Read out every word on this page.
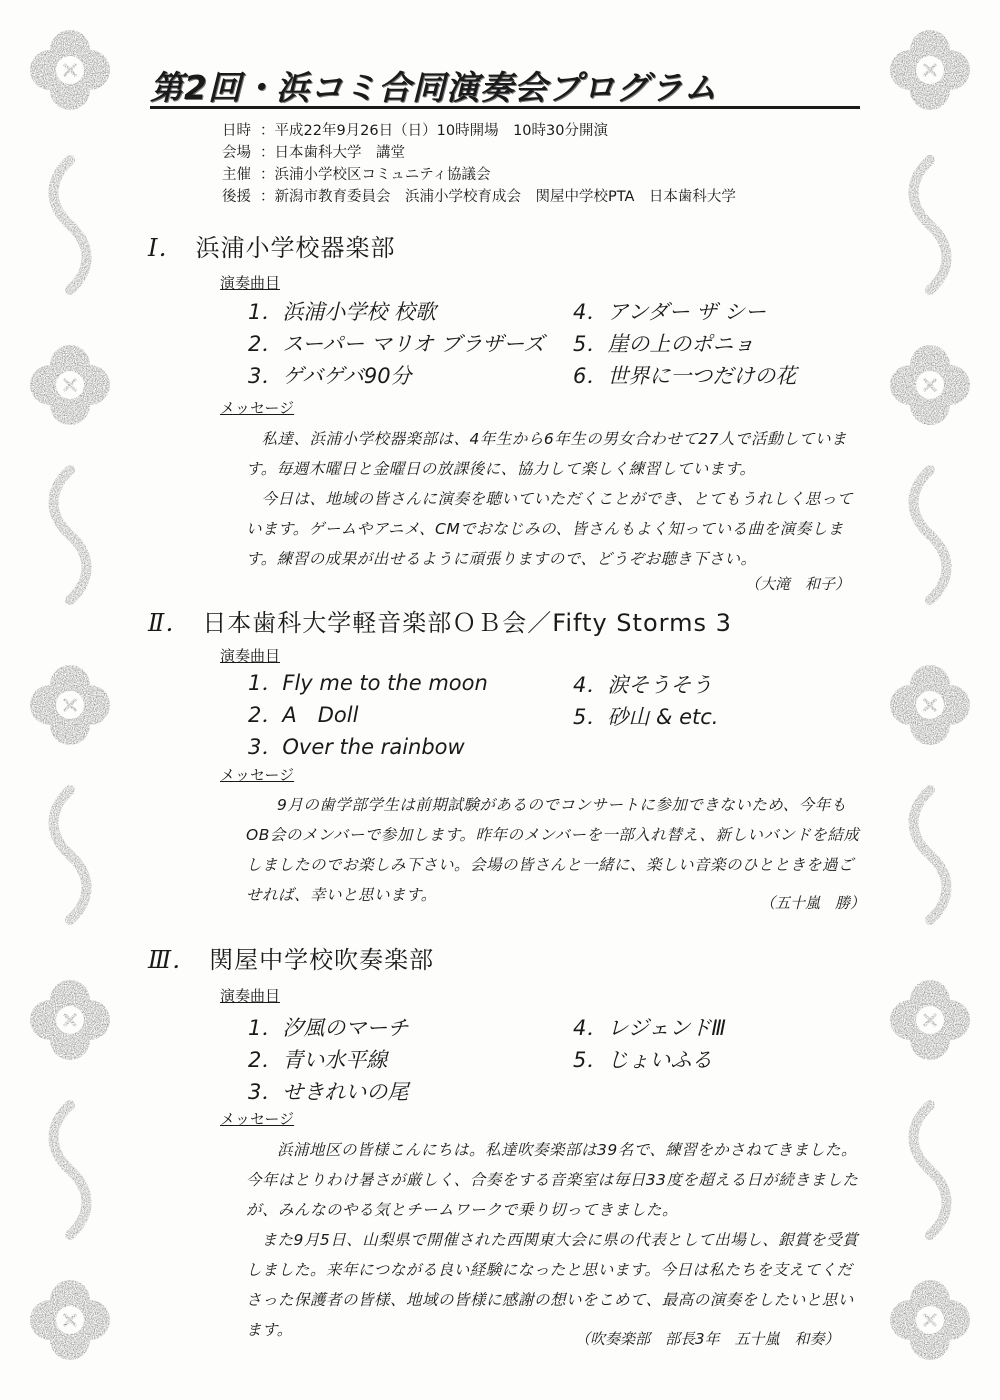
第2回・浜コミ合同演奏会プログラム
日時 ：平成22年9月26日（日）10時開場　10時30分開演
会場 ：日本歯科大学　講堂
主催 ：浜浦小学校区コミュニティ協議会
後援 ：新潟市教育委員会　浜浦小学校育成会　関屋中学校PTA　日本歯科大学
Ⅰ． 浜浦小学校器楽部
演奏曲目
1．浜浦小学校 校歌
2．スーパー マリオ ブラザーズ
3．ゲバゲバ90分
4．アンダー ザ シー
5．崖の上のポニョ
6．世界に一つだけの花
メッセージ

私達、浜浦小学校器楽部は、4年生から6年生の男女合わせて27人で活動しています。毎週木曜日と金曜日の放課後に、協力して楽しく練習しています。

今日は、地域の皆さんに演奏を聴いていただくことができ、とてもうれしく思っています。ゲームやアニメ、CMでおなじみの、皆さんもよく知っている曲を演奏します。練習の成果が出せるように頑張りますので、どうぞお聴き下さい。

（大滝　和子）
Ⅱ． 日本歯科大学軽音楽部ＯＢ会／Fifty Storms 3
演奏曲目
1．Fly me to the moon
2．A　Doll
3．Over the rainbow
4．涙そうそう
5．砂山 & etc.
メッセージ

9月の歯学部学生は前期試験があるのでコンサートに参加できないため、今年もOB会のメンバーで参加します。昨年のメンバーを一部入れ替え、新しいバンドを結成しましたのでお楽しみ下さい。会場の皆さんと一緒に、楽しい音楽のひとときを過ごせれば、幸いと思います。	（五十嵐　勝）
Ⅲ． 関屋中学校吹奏楽部
演奏曲目
1．汐風のマーチ
2．青い水平線
3．せきれいの尾
4．レジェンドⅢ
5．じょいふる
メッセージ

浜浦地区の皆様こんにちは。私達吹奏楽部は39名で、練習をかさねてきました。今年はとりわけ暑さが厳しく、合奏をする音楽室は毎日33度を超える日が続きましたが、みんなのやる気とチームワークで乗り切ってきました。

また9月5日、山梨県で開催された西関東大会に県の代表として出場し、銀賞を受賞しました。来年につながる良い経験になったと思います。今日は私たちを支えてくださった保護者の皆様、地域の皆様に感謝の想いをこめて、最高の演奏をしたいと思います。	（吹奏楽部　部長3年　五十嵐　和奏）
